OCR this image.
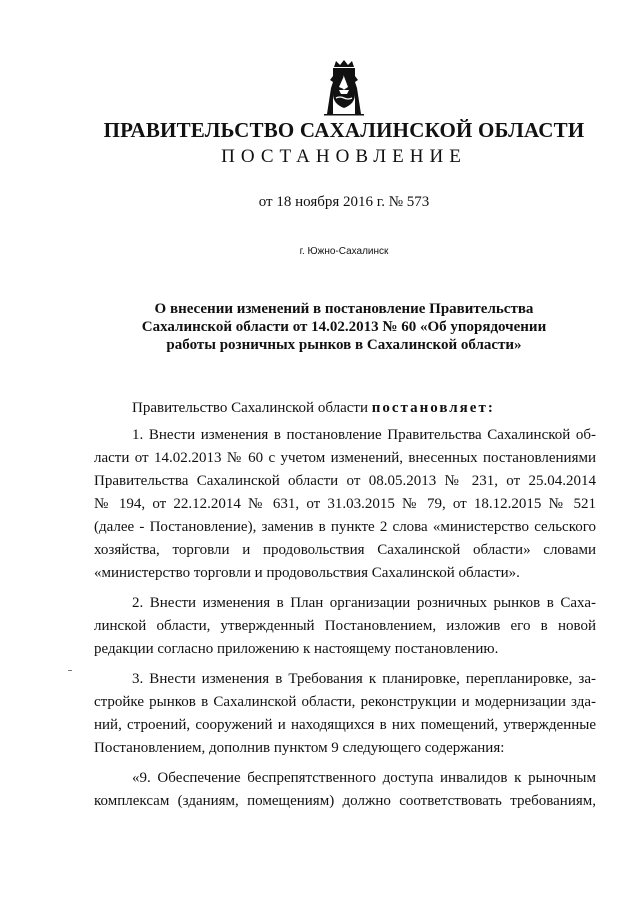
ПРАВИТЕЛЬСТВО САХАЛИНСКОЙ ОБЛАСТИ
ПОСТАНОВЛЕНИЕ
от 18 ноября 2016 г. № 573
г. Южно-Сахалинск
О внесении изменений в постановление Правительства
Сахалинской области от 14.02.2013 № 60 «Об упорядочении
работы розничных рынков в Сахалинской области»
Правительство Сахалинской области постановляет:
1. Внести изменения в постановление Правительства Сахалинской об-
ласти от 14.02.2013 № 60 с учетом изменений, внесенных постановлениями
Правительства Сахалинской области от 08.05.2013 № 231, от 25.04.2014
№ 194, от 22.12.2014 № 631, от 31.03.2015 № 79, от 18.12.2015 № 521
(далее - Постановление), заменив в пункте 2 слова «министерство сельского
хозяйства, торговли и продовольствия Сахалинской области» словами
«министерство торговли и продовольствия Сахалинской области».
2. Внести изменения в План организации розничных рынков в Саха-
линской области, утвержденный Постановлением, изложив его в новой
редакции согласно приложению к настоящему постановлению.
3. Внести изменения в Требования к планировке, перепланировке, за-
стройке рынков в Сахалинской области, реконструкции и модернизации зда-
ний, строений, сооружений и находящихся в них помещений, утвержденные
Постановлением, дополнив пунктом 9 следующего содержания:
«9. Обеспечение беспрепятственного доступа инвалидов к рыночным
комплексам (зданиям, помещениям) должно соответствовать требованиям,
